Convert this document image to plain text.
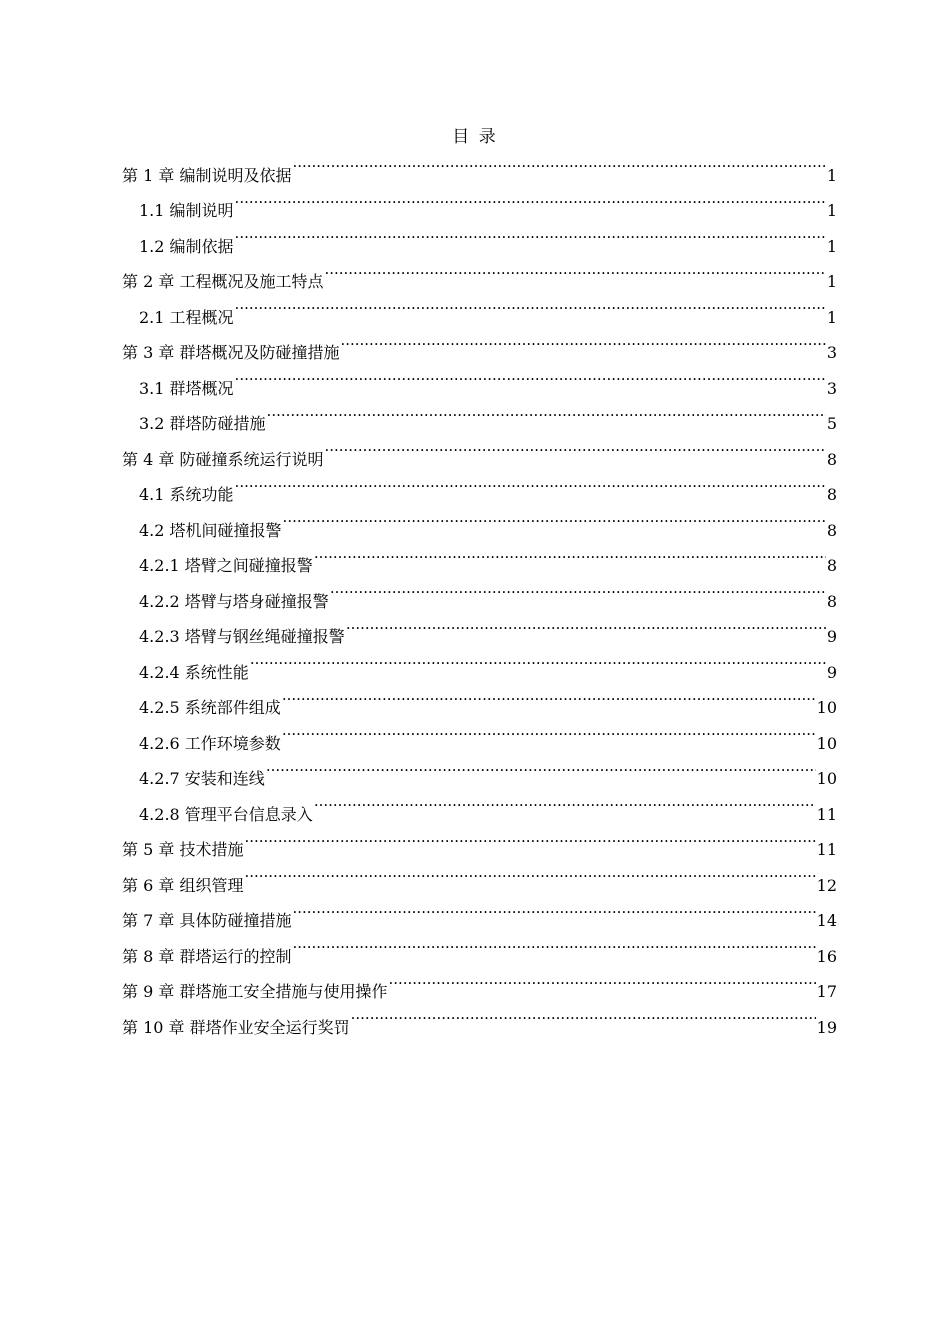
目 录
第 1 章 编制说明及依据 .....	1
1.1 编制说明 .....	1
1.2 编制依据 .....	1
第 2 章 工程概况及施工特点 .....	1
2.1 工程概况 .....	1
第 3 章 群塔概况及防碰撞措施 .....	3
3.1 群塔概况 .....	3
3.2 群塔防碰措施 .....	5
第 4 章 防碰撞系统运行说明 .....	8
4.1 系统功能 .....	8
4.2 塔机间碰撞报警 .....	8
4.2.1 塔臂之间碰撞报警 .....	8
4.2.2 塔臂与塔身碰撞报警 .....	8
4.2.3 塔臂与钢丝绳碰撞报警 .....	9
4.2.4 系统性能 .....	9
4.2.5 系统部件组成 .....	10
4.2.6 工作环境参数 .....	10
4.2.7 安装和连线 .....	10
4.2.8 管理平台信息录入 .....	11
第 5 章 技术措施 .....	11
第 6 章 组织管理 .....	12
第 7 章 具体防碰撞措施 .....	14
第 8 章 群塔运行的控制 .....	16
第 9 章 群塔施工安全措施与使用操作 .....	17
第 10 章 群塔作业安全运行奖罚 .....	19
